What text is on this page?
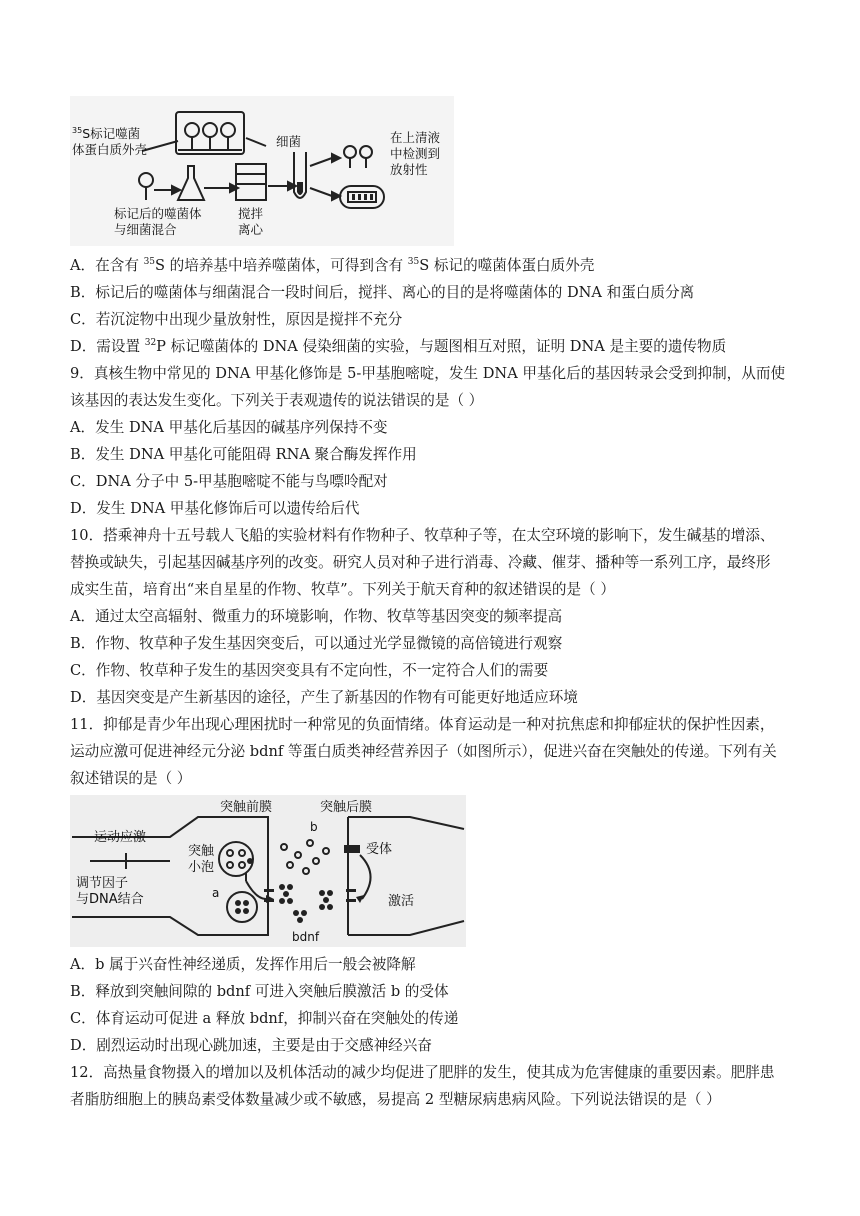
$^{35}$S标记噬菌
体蛋白质外壳
细菌
标记后的噬菌体
与细菌混合
搅拌
离心
在上清液
中检测到
放射性
A．在含有 $^{35}$S 的培养基中培养噬菌体，可得到含有 $^{35}$S 标记的噬菌体蛋白质外壳
B．标记后的噬菌体与细菌混合一段时间后，搅拌、离心的目的是将噬菌体的 DNA 和蛋白质分离
C．若沉淀物中出现少量放射性，原因是搅拌不充分
D．需设置 $^{32}$P 标记噬菌体的 DNA 侵染细菌的实验，与题图相互对照，证明 DNA 是主要的遗传物质
9．真核生物中常见的 DNA 甲基化修饰是 5-甲基胞嘧啶，发生 DNA 甲基化后的基因转录会受到抑制，从而使
该基因的表达发生变化。下列关于表观遗传的说法错误的是（ ）
A．发生 DNA 甲基化后基因的碱基序列保持不变
B．发生 DNA 甲基化可能阻碍 RNA 聚合酶发挥作用
C．DNA 分子中 5-甲基胞嘧啶不能与鸟嘌呤配对
D．发生 DNA 甲基化修饰后可以遗传给后代
10．搭乘神舟十五号载人飞船的实验材料有作物种子、牧草种子等，在太空环境的影响下，发生碱基的增添、
替换或缺失，引起基因碱基序列的改变。研究人员对种子进行消毒、冷藏、催芽、播种等一系列工序，最终形
成实生苗，培育出“来自星星的作物、牧草”。下列关于航天育种的叙述错误的是（ ）
A．通过太空高辐射、微重力的环境影响，作物、牧草等基因突变的频率提高
B．作物、牧草种子发生基因突变后，可以通过光学显微镜的高倍镜进行观察
C．作物、牧草种子发生的基因突变具有不定向性，不一定符合人们的需要
D．基因突变是产生新基因的途径，产生了新基因的作物有可能更好地适应环境
11．抑郁是青少年出现心理困扰时一种常见的负面情绪。体育运动是一种对抗焦虑和抑郁症状的保护性因素，
运动应激可促进神经元分泌 bdnf 等蛋白质类神经营养因子（如图所示），促进兴奋在突触处的传递。下列有关
叙述错误的是（ ）
运动应激
调节因子
与DNA结合
突触
小泡
突触前膜	突触后膜
b
受体
a
激活
bdnf
A．b 属于兴奋性神经递质，发挥作用后一般会被降解
B．释放到突触间隙的 bdnf 可进入突触后膜激活 b 的受体
C．体育运动可促进 a 释放 bdnf，抑制兴奋在突触处的传递
D．剧烈运动时出现心跳加速，主要是由于交感神经兴奋
12．高热量食物摄入的增加以及机体活动的减少均促进了肥胖的发生，使其成为危害健康的重要因素。肥胖患
者脂肪细胞上的胰岛素受体数量减少或不敏感，易提高 2 型糖尿病患病风险。下列说法错误的是（ ）
